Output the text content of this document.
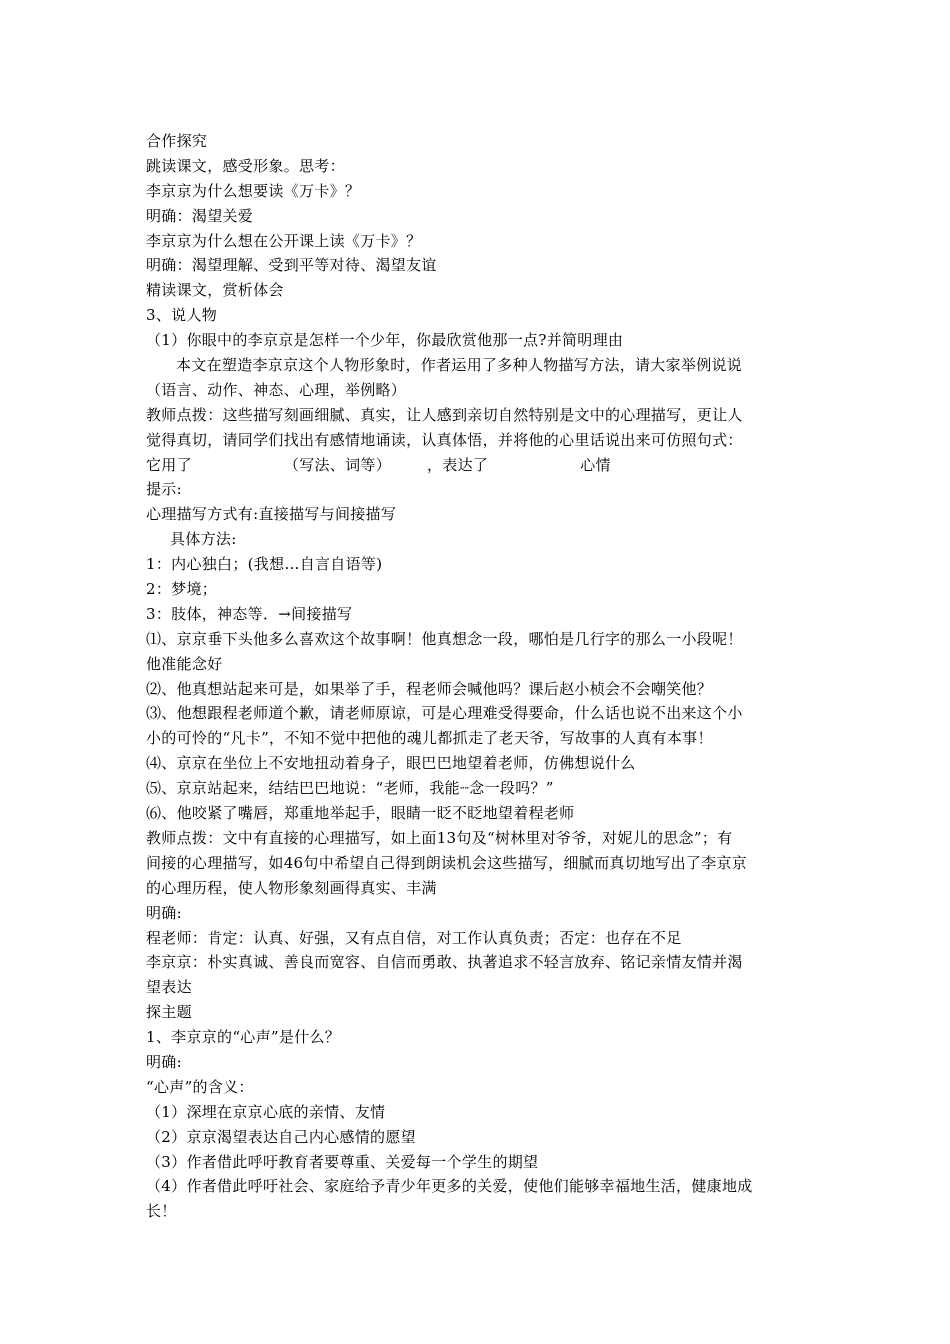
合作探究
跳读课文，感受形象。思考：
李京京为什么想要读《万卡》？
明确：渴望关爱
李京京为什么想在公开课上读《万卡》？
明确：渴望理解、受到平等对待、渴望友谊
精读课文，赏析体会
3、说人物
（1）你眼中的李京京是怎样一个少年，你最欣赏他那一点?并简明理由
本文在塑造李京京这个人物形象时，作者运用了多种人物描写方法，请大家举例说说
（语言、动作、神态、心理，举例略）
教师点拨：这些描写刻画细腻、真实，让人感到亲切自然特别是文中的心理描写，更让人
觉得真切，请同学们找出有感情地诵读，认真体悟，并将他的心里话说出来可仿照句式：
它用了	（写法、词等） ，表达了	心情
提示:
心理描写方式有:直接描写与间接描写
具体方法:
1：内心独白；(我想…自言自语等)
2：梦境；
3：肢体，神态等．→间接描写
⑴、京京垂下头他多么喜欢这个故事啊！他真想念一段，哪怕是几行字的那么一小段呢！
他准能念好
⑵、他真想站起来可是，如果举了手，程老师会喊他吗？课后赵小桢会不会嘲笑他？
⑶、他想跟程老师道个歉，请老师原谅，可是心理难受得要命，什么话也说不出来这个小
小的可怜的“凡卡”，不知不觉中把他的魂儿都抓走了老天爷，写故事的人真有本事！
⑷、京京在坐位上不安地扭动着身子，眼巴巴地望着老师，仿佛想说什么
⑸、京京站起来，结结巴巴地说：“老师，我能┈念一段吗？”
⑹、他咬紧了嘴唇，郑重地举起手，眼睛一眨不眨地望着程老师
教师点拨：文中有直接的心理描写，如上面13句及“树林里对爷爷，对妮儿的思念”；有
间接的心理描写，如46句中希望自己得到朗读机会这些描写，细腻而真切地写出了李京京
的心理历程，使人物形象刻画得真实、丰满
明确:
程老师：肯定：认真、好强，又有点自信，对工作认真负责；否定：也存在不足
李京京：朴实真诚、善良而宽容、自信而勇敢、执著追求不轻言放弃、铭记亲情友情并渴
望表达
探主题
1、李京京的“心声”是什么？
明确:
“心声”的含义：
（1）深埋在京京心底的亲情、友情
（2）京京渴望表达自己内心感情的愿望
（3）作者借此呼吁教育者要尊重、关爱每一个学生的期望
（4）作者借此呼吁社会、家庭给予青少年更多的关爱，使他们能够幸福地生活，健康地成
长！
